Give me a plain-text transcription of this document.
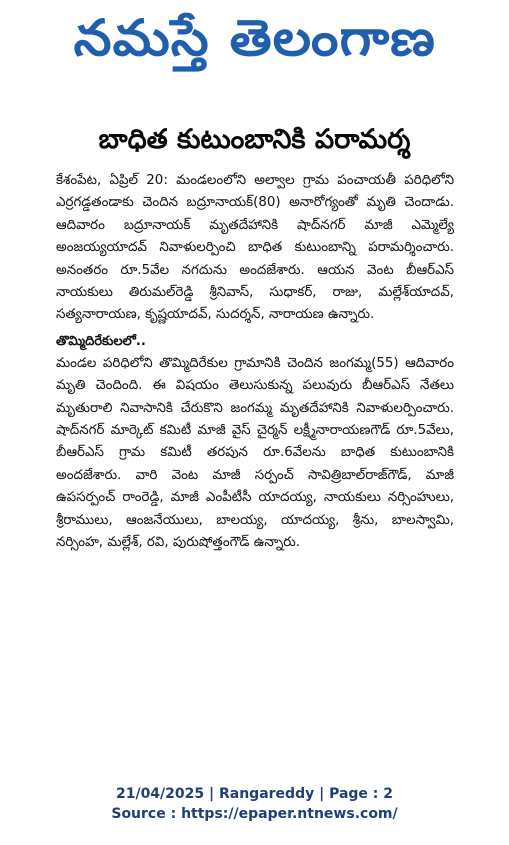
నమస్తే తెలంగాణ
‌ ‌ ‌ ‌ ‌ ‌ ‌ ‌ ‌ ‌ ‌ ‌ ‌
బాధిత కుటుంబానికి పరామర్శ

కేశంపేట, ఏప్రిల్ 20: మండలంలోని అల్వాల గ్రామ పంచాయతీ పరిధిలోని ఎర్రగడ్డతండాకు చెందిన బద్రూనాయక్(80) అనారోగ్యంతో మృతి చెందాడు. ఆదివారం బద్రూనాయక్ మృతదేహానికి షాద్‌నగర్ మాజీ ఎమ్మెల్యే అంజయ్యయాదవ్ నివాళులర్పించి బాధిత కుటుంబాన్ని పరామర్శించారు. అనంతరం రూ.5వేల నగదును అందజేశారు. ఆయన వెంట బీఆర్ఎస్ నాయకులు తిరుమల్‌రెడ్డి శ్రీనివాస్, సుధాకర్, రాజు, మల్లేశ్‌యాదవ్, సత్యనారాయణ, కృష్ణయాదవ్, సుదర్శన్, నారాయణ ఉన్నారు.

తొమ్మిదిరేకులలో..

మండల పరిధిలోని తొమ్మిదిరేకుల గ్రామానికి చెందిన జంగమ్మ(55) ఆదివారం మృతి చెందింది. ఈ విషయం తెలుసుకున్న పలువురు బీఆర్ఎస్ నేతలు మృతురాలి నివాసానికి చేరుకొని జంగమ్మ మృతదేహానికి నివాళులర్పించారు. షాద్‌నగర్ మార్కెట్ కమిటీ మాజీ వైస్ చైర్మన్ లక్ష్మీనారాయణగౌడ్ రూ.5వేలు, బీఆర్ఎస్ గ్రామ కమిటీ తరపున రూ.6వేలను బాధిత కుటుంబానికి అందజేశారు. వారి వెంట మాజీ సర్పంచ్ సావిత్రిబాల్‌రాజ్‌గౌడ్, మాజీ ఉపసర్పంచ్ రాంరెడ్డి, మాజీ ఎంపీటీసీ యాదయ్య, నాయకులు నర్సింహులు, శ్రీరాములు, ఆంజనేయులు, బాలయ్య, యాదయ్య, శ్రీను, బాలస్వామి, నర్సింహ, మల్లేశ్, రవి, పురుషోత్తంగౌడ్ ఉన్నారు.

21/04/2025 | Rangareddy | Page : 2
Source : https://epaper.ntnews.com/
